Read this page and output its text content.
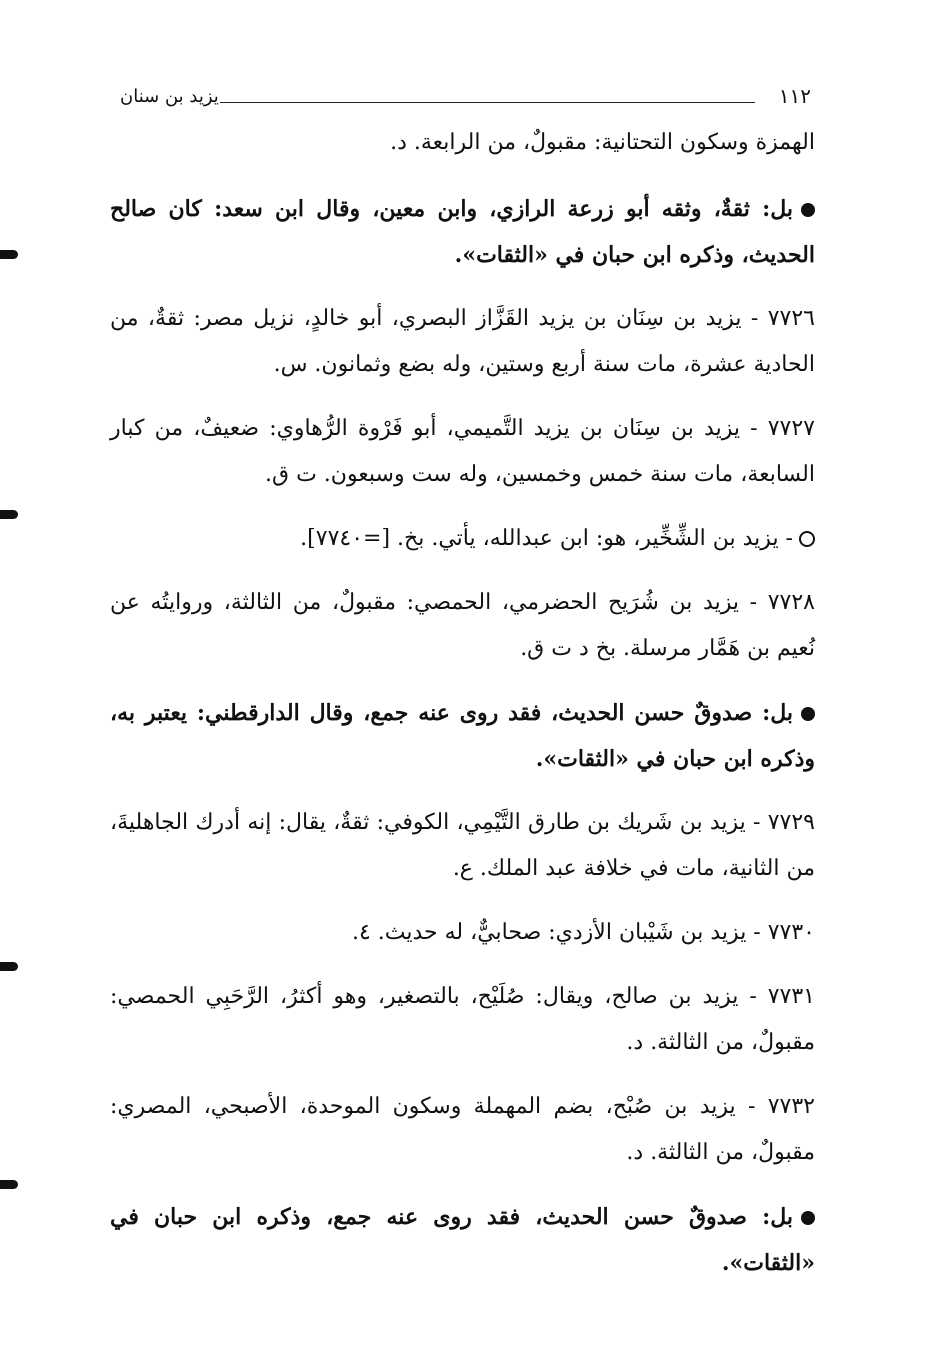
١١٢
يزيد بن سنان

الهمزة وسكون التحتانية: مقبولٌ، من الرابعة. د.

بل: ثقةٌ، وثقه أبو زرعة الرازي، وابن معين، وقال ابن سعد: كان صالح الحديث، وذكره ابن حبان في «الثقات».

٧٧٢٦ - يزيد بن سِنَان بن يزيد القَزَّاز البصري، أبو خالدٍ، نزيل مصر: ثقةٌ، من الحادية عشرة، مات سنة أربع وستين، وله بضع وثمانون. س.

٧٧٢٧ - يزيد بن سِنَان بن يزيد التَّميمي، أبو فَرْوة الرُّهاوي: ضعيفٌ، من كبار السابعة، مات سنة خمس وخمسين، وله ست وسبعون. ت ق.

- يزيد بن الشِّخِّير، هو: ابن عبدالله، يأتي. بخ. [=٧٧٤٠].

٧٧٢٨ - يزيد بن شُرَيح الحضرمي، الحمصي: مقبولٌ، من الثالثة، وروايتُه عن نُعيم بن هَمَّار مرسلة. بخ د ت ق.

بل: صدوقٌ حسن الحديث، فقد روى عنه جمع، وقال الدارقطني: يعتبر به، وذكره ابن حبان في «الثقات».

٧٧٢٩ - يزيد بن شَريك بن طارق التَّيْمِي، الكوفي: ثقةٌ، يقال: إنه أدرك الجاهليةَ، من الثانية، مات في خلافة عبد الملك. ع.

٧٧٣٠ - يزيد بن شَيْبان الأزدي: صحابيٌّ، له حديث. ٤.

٧٧٣١ - يزيد بن صالح، ويقال: صُلَيْح، بالتصغير، وهو أكثرُ، الرَّحَبِي الحمصي: مقبولٌ، من الثالثة. د.

٧٧٣٢ - يزيد بن صُبْح، بضم المهملة وسكون الموحدة، الأصبحي، المصري: مقبولٌ، من الثالثة. د.

بل: صدوقٌ حسن الحديث، فقد روى عنه جمع، وذكره ابن حبان في «الثقات».
